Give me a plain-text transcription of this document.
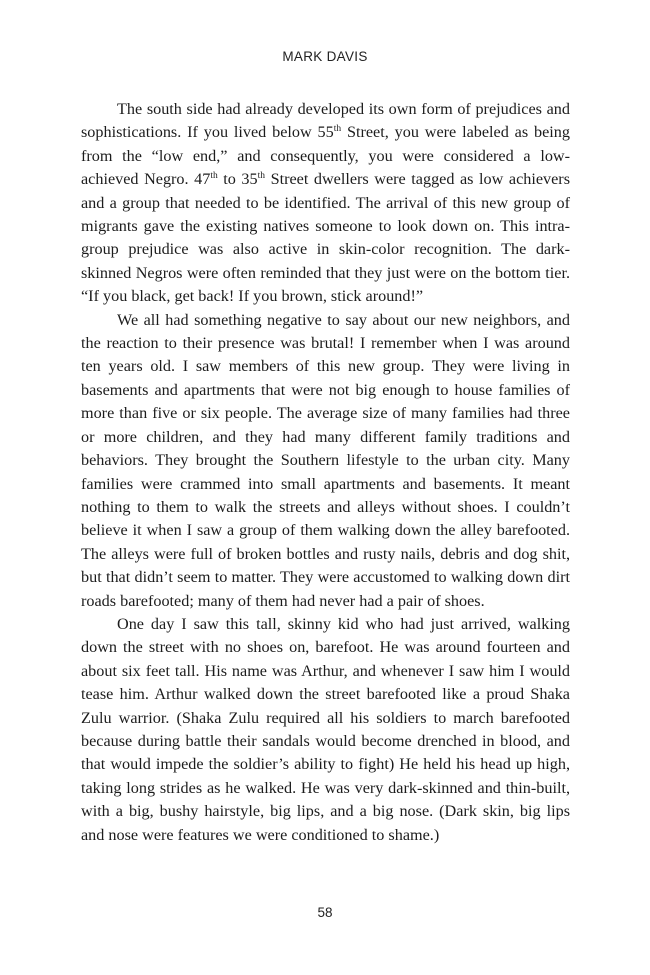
MARK DAVIS

The south side had already developed its own form of prejudices and sophistications. If you lived below 55th Street, you were labeled as being from the “low end,” and consequently, you were considered a low-achieved Negro. 47th to 35th Street dwellers were tagged as low achievers and a group that needed to be identified. The arrival of this new group of migrants gave the existing natives someone to look down on. This intra-group prejudice was also active in skin-color recognition. The dark-skinned Negros were often reminded that they just were on the bottom tier. “If you black, get back! If you brown, stick around!”

We all had something negative to say about our new neighbors, and the reaction to their presence was brutal! I remember when I was around ten years old. I saw members of this new group. They were living in basements and apartments that were not big enough to house families of more than five or six people. The average size of many families had three or more children, and they had many different family traditions and behaviors. They brought the Southern lifestyle to the urban city. Many families were crammed into small apartments and basements. It meant nothing to them to walk the streets and alleys without shoes. I couldn’t believe it when I saw a group of them walking down the alley barefooted. The alleys were full of broken bottles and rusty nails, debris and dog shit, but that didn’t seem to matter. They were accustomed to walking down dirt roads barefooted; many of them had never had a pair of shoes.

One day I saw this tall, skinny kid who had just arrived, walking down the street with no shoes on, barefoot. He was around fourteen and about six feet tall. His name was Arthur, and whenever I saw him I would tease him. Arthur walked down the street barefooted like a proud Shaka Zulu warrior. (Shaka Zulu required all his soldiers to march barefooted because during battle their sandals would become drenched in blood, and that would impede the soldier’s ability to fight) He held his head up high, taking long strides as he walked. He was very dark-skinned and thin-built, with a big, bushy hairstyle, big lips, and a big nose. (Dark skin, big lips and nose were features we were conditioned to shame.)

58
